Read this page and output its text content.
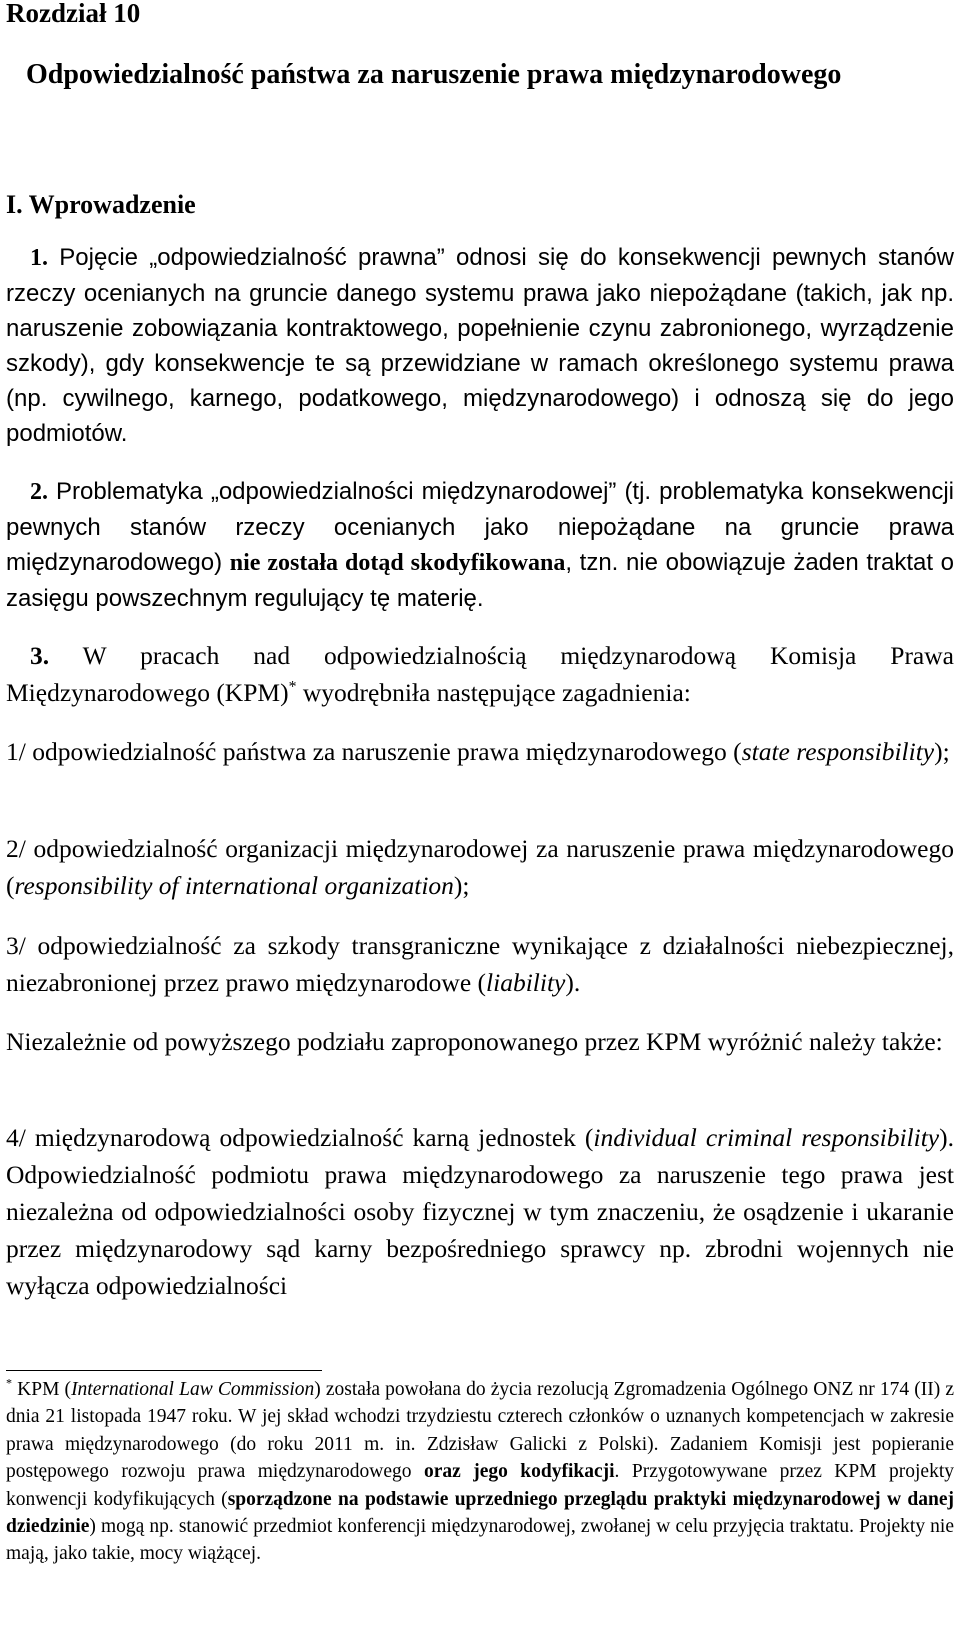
Rozdział 10
Odpowiedzialność państwa za naruszenie prawa międzynarodowego
I. Wprowadzenie

1. Pojęcie „odpowiedzialność prawna” odnosi się do konsekwencji pewnych stanów rzeczy ocenianych na gruncie danego systemu prawa jako niepożądane (takich, jak np. naruszenie zobowiązania kontraktowego, popełnienie czynu zabronionego, wyrządzenie szkody), gdy konsekwencje te są przewidziane w ramach określonego systemu prawa (np. cywilnego, karnego, podatkowego, międzynarodowego) i odnoszą się do jego podmiotów.

2. Problematyka „odpowiedzialności międzynarodowej” (tj. problematyka konsekwencji pewnych stanów rzeczy ocenianych jako niepożądane na gruncie prawa międzynarodowego) nie została dotąd skodyfikowana, tzn. nie obowiązuje żaden traktat o zasięgu powszechnym regulujący tę materię.

3. W pracach nad odpowiedzialnością międzynarodową Komisja Prawa Międzynarodowego (KPM)* wyodrębniła następujące zagadnienia:

1/ odpowiedzialność państwa za naruszenie prawa międzynarodowego (state responsibility);

2/ odpowiedzialność organizacji międzynarodowej za naruszenie prawa międzynarodowego (responsibility of international organization);

3/ odpowiedzialność za szkody transgraniczne wynikające z działalności niebezpiecznej, niezabronionej przez prawo międzynarodowe (liability).

Niezależnie od powyższego podziału zaproponowanego przez KPM wyróżnić należy także:

4/ międzynarodową odpowiedzialność karną jednostek (individual criminal responsibility). Odpowiedzialność podmiotu prawa międzynarodowego za naruszenie tego prawa jest niezależna od odpowiedzialności osoby fizycznej w tym znaczeniu, że osądzenie i ukaranie przez międzynarodowy sąd karny bezpośredniego sprawcy np. zbrodni wojennych nie wyłącza odpowiedzialności

* KPM (International Law Commission) została powołana do życia rezolucją Zgromadzenia Ogólnego ONZ nr 174 (II) z dnia 21 listopada 1947 roku. W jej skład wchodzi trzydziestu czterech członków o uznanych kompetencjach w zakresie prawa międzynarodowego (do roku 2011 m. in. Zdzisław Galicki z Polski). Zadaniem Komisji jest popieranie postępowego rozwoju prawa międzynarodowego oraz jego kodyfikacji. Przygotowywane przez KPM projekty konwencji kodyfikujących (sporządzone na podstawie uprzedniego przeglądu praktyki międzynarodowej w danej dziedzinie) mogą np. stanowić przedmiot konferencji międzynarodowej, zwołanej w celu przyjęcia traktatu. Projekty nie mają, jako takie, mocy wiążącej.
